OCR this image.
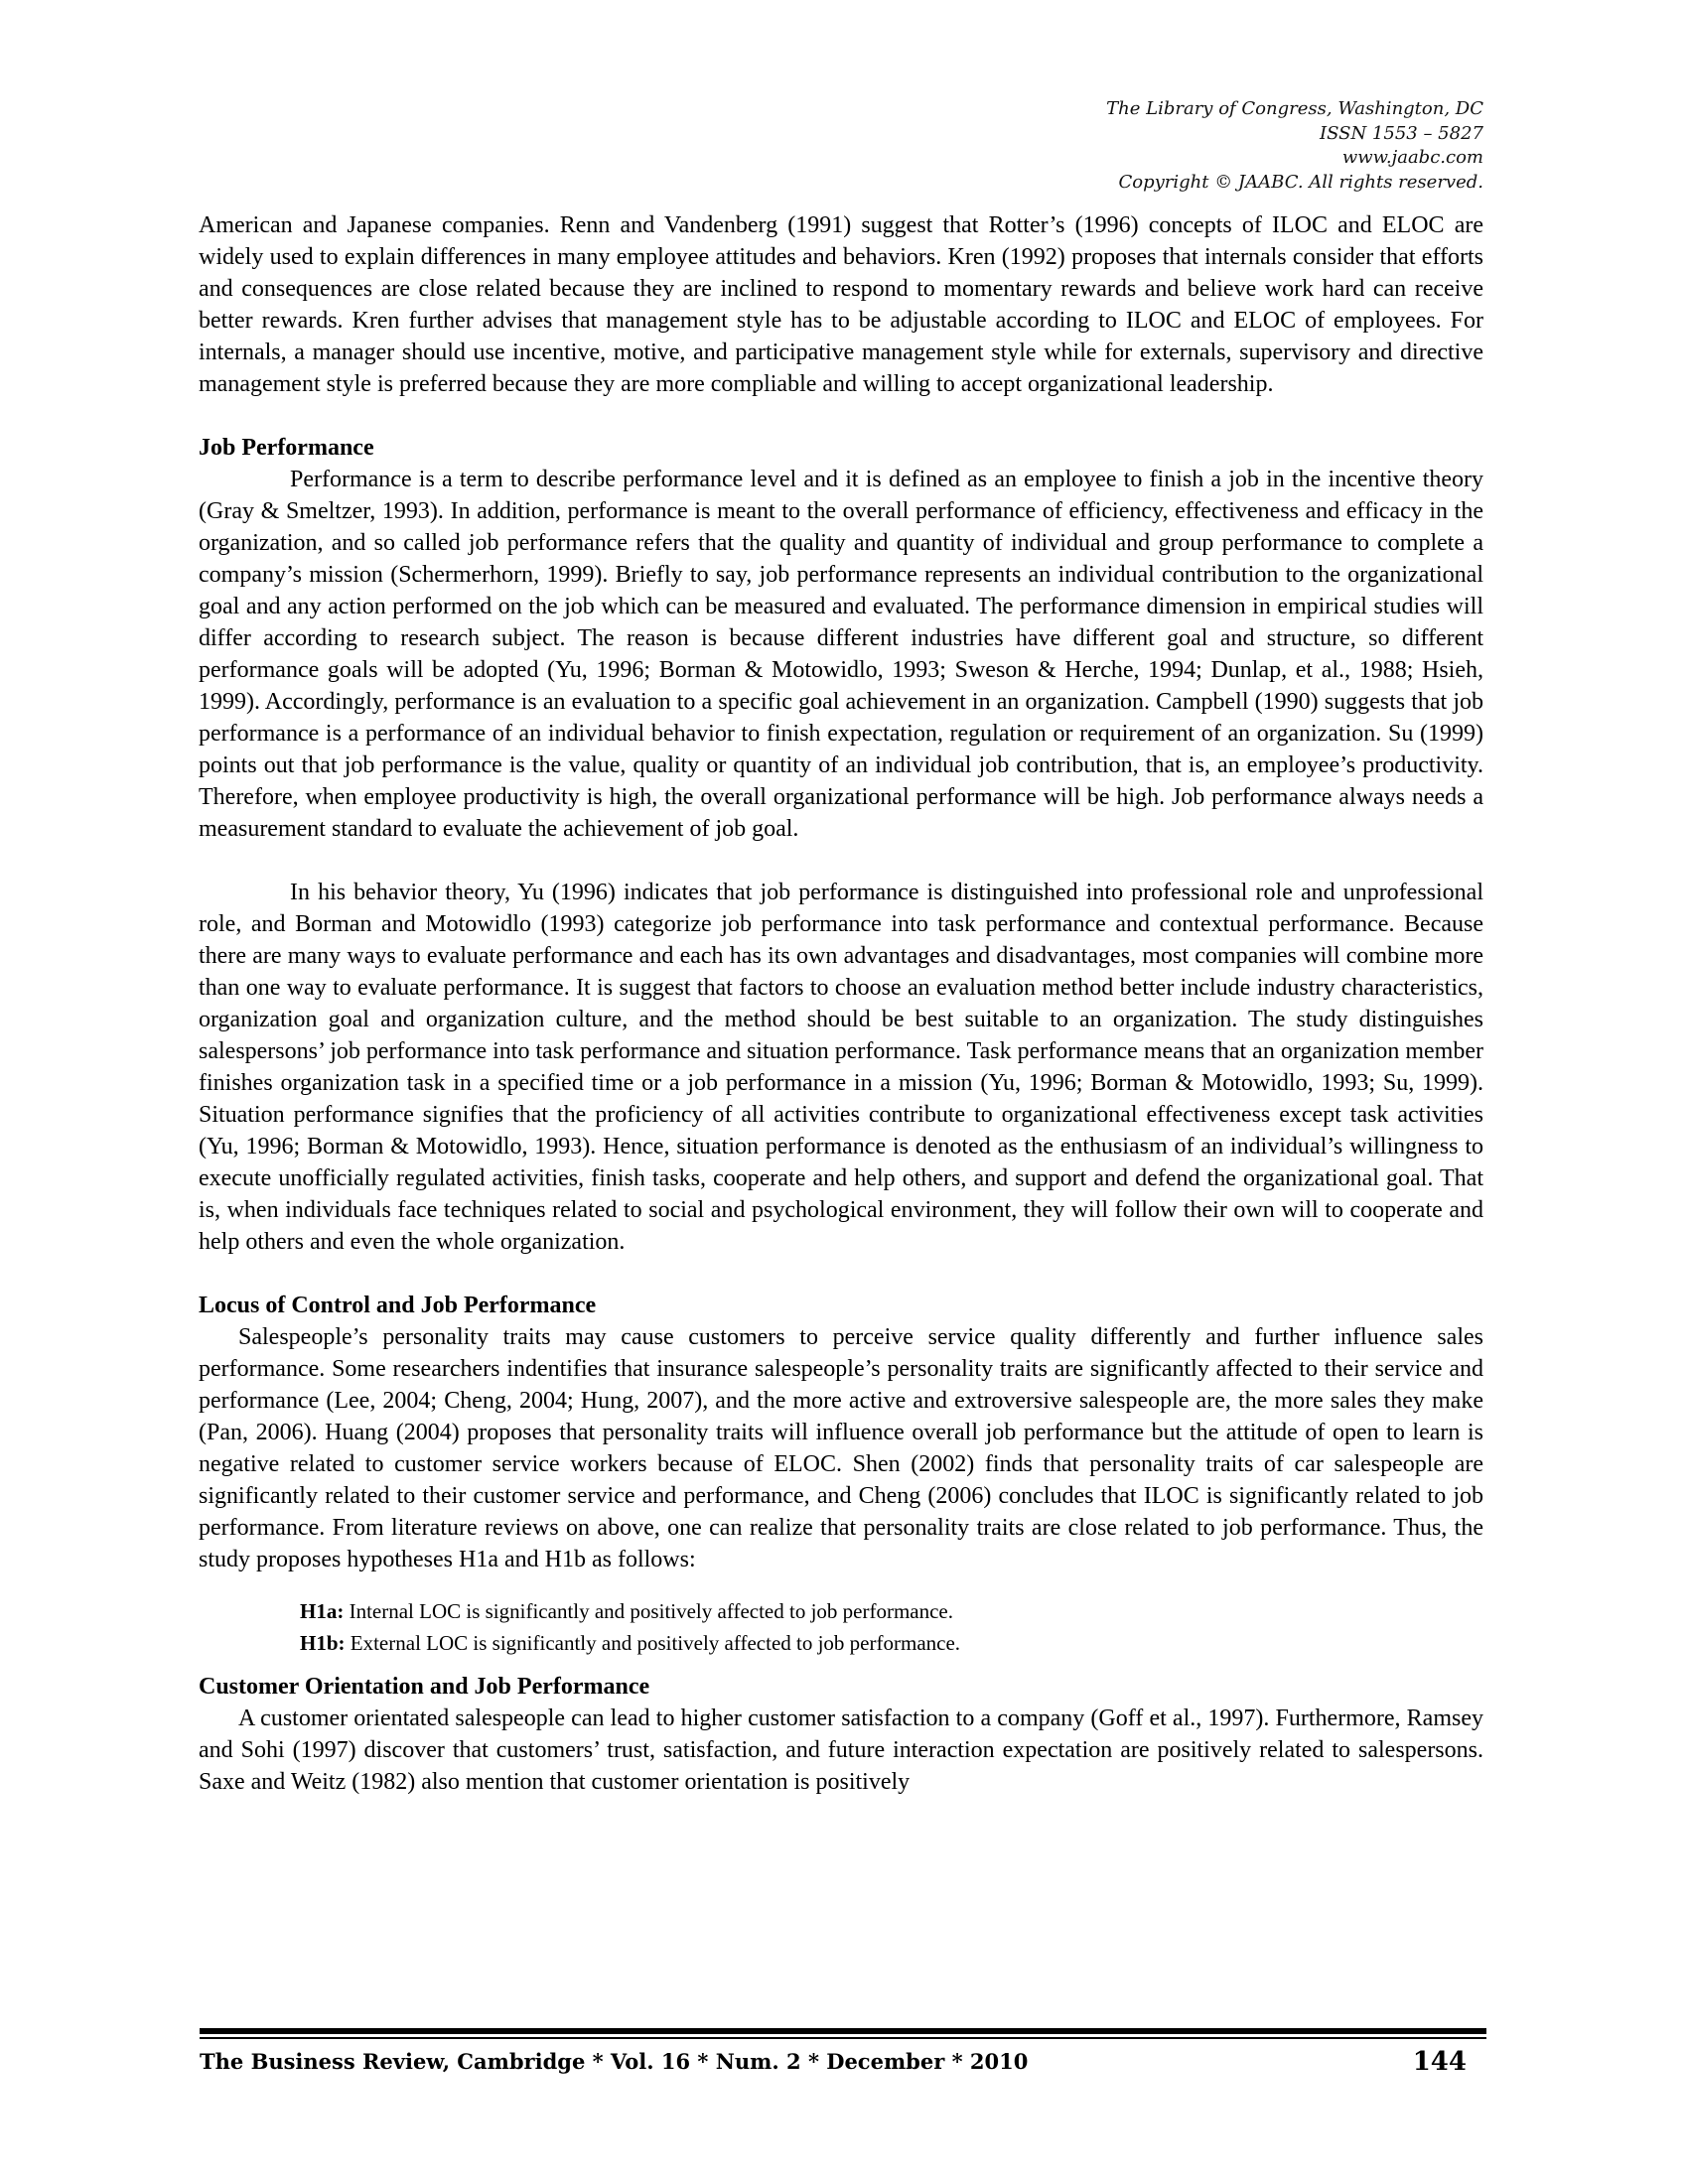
The Library of Congress, Washington, DC
ISSN 1553 – 5827
www.jaabc.com
Copyright © JAABC. All rights reserved.

American and Japanese companies. Renn and Vandenberg (1991) suggest that Rotter’s (1996) concepts of ILOC and ELOC are widely used to explain differences in many employee attitudes and behaviors. Kren (1992) proposes that internals consider that efforts and consequences are close related because they are inclined to respond to momentary rewards and believe work hard can receive better rewards. Kren further advises that management style has to be adjustable according to ILOC and ELOC of employees. For internals, a manager should use incentive, motive, and participative management style while for externals, supervisory and directive management style is preferred because they are more compliable and willing to accept organizational leadership.

Job Performance

Performance is a term to describe performance level and it is defined as an employee to finish a job in the incentive theory (Gray & Smeltzer, 1993). In addition, performance is meant to the overall performance of efficiency, effectiveness and efficacy in the organization, and so called job performance refers that the quality and quantity of individual and group performance to complete a company’s mission (Schermerhorn, 1999). Briefly to say, job performance represents an individual contribution to the organizational goal and any action performed on the job which can be measured and evaluated. The performance dimension in empirical studies will differ according to research subject. The reason is because different industries have different goal and structure, so different performance goals will be adopted (Yu, 1996; Borman & Motowidlo, 1993; Sweson & Herche, 1994; Dunlap, et al., 1988; Hsieh, 1999). Accordingly, performance is an evaluation to a specific goal achievement in an organization. Campbell (1990) suggests that job performance is a performance of an individual behavior to finish expectation, regulation or requirement of an organization. Su (1999) points out that job performance is the value, quality or quantity of an individual job contribution, that is, an employee’s productivity. Therefore, when employee productivity is high, the overall organizational performance will be high. Job performance always needs a measurement standard to evaluate the achievement of job goal.

In his behavior theory, Yu (1996) indicates that job performance is distinguished into professional role and unprofessional role, and Borman and Motowidlo (1993) categorize job performance into task performance and contextual performance. Because there are many ways to evaluate performance and each has its own advantages and disadvantages, most companies will combine more than one way to evaluate performance. It is suggest that factors to choose an evaluation method better include industry characteristics, organization goal and organization culture, and the method should be best suitable to an organization. The study distinguishes salespersons’ job performance into task performance and situation performance. Task performance means that an organization member finishes organization task in a specified time or a job performance in a mission (Yu, 1996; Borman & Motowidlo, 1993; Su, 1999). Situation performance signifies that the proficiency of all activities contribute to organizational effectiveness except task activities (Yu, 1996; Borman & Motowidlo, 1993). Hence, situation performance is denoted as the enthusiasm of an individual’s willingness to execute unofficially regulated activities, finish tasks, cooperate and help others, and support and defend the organizational goal. That is, when individuals face techniques related to social and psychological environment, they will follow their own will to cooperate and help others and even the whole organization.

Locus of Control and Job Performance

Salespeople’s personality traits may cause customers to perceive service quality differently and further influence sales performance. Some researchers indentifies that insurance salespeople’s personality traits are significantly affected to their service and performance (Lee, 2004; Cheng, 2004; Hung, 2007), and the more active and extroversive salespeople are, the more sales they make (Pan, 2006). Huang (2004) proposes that personality traits will influence overall job performance but the attitude of open to learn is negative related to customer service workers because of ELOC. Shen (2002) finds that personality traits of car salespeople are significantly related to their customer service and performance, and Cheng (2006) concludes that ILOC is significantly related to job performance. From literature reviews on above, one can realize that personality traits are close related to job performance. Thus, the study proposes hypotheses H1a and H1b as follows:

H1a: Internal LOC is significantly and positively affected to job performance.
H1b: External LOC is significantly and positively affected to job performance.
Customer Orientation and Job Performance

A customer orientated salespeople can lead to higher customer satisfaction to a company (Goff et al., 1997). Furthermore, Ramsey and Sohi (1997) discover that customers’ trust, satisfaction, and future interaction expectation are positively related to salespersons. Saxe and Weitz (1982) also mention that customer orientation is positively

The Business Review, Cambridge * Vol. 16 * Num. 2 * December * 2010	144
